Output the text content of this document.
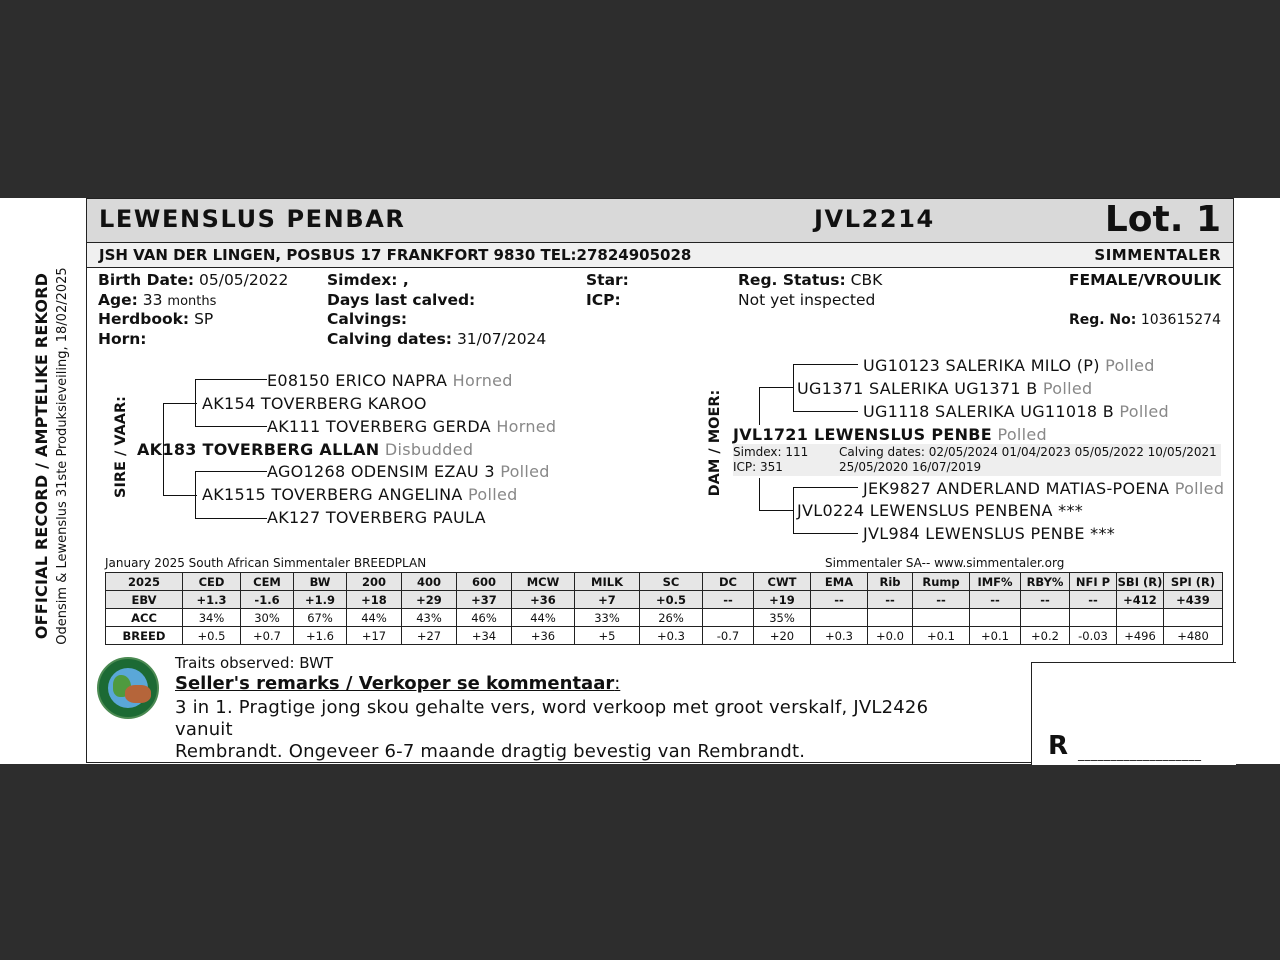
OFFICIAL RECORD / AMPTELIKE REKORD Odensim & Lewenslus 31ste Produksieveiling, 18/02/2025
LEWENSLUS PENBAR	JVL2214	Lot. 1
JSH VAN DER LINGEN, POSBUS 17 FRANKFORT 9830 TEL:27824905028	SIMMENTALER
Birth Date: 05/05/2022
Age: 33 months
Herdbook: SP
Horn:
Simdex: ,
Days last calved:
Calvings:
Calving dates: 31/07/2024
Star:
ICP:
Reg. Status: CBK
Not yet inspected
FEMALE/VROULIK
Reg. No: 103615274
SIRE / VAAR:
E08150 ERICO NAPRA Horned
AK154 TOVERBERG KAROO
AK111 TOVERBERG GERDA Horned
AK183 TOVERBERG ALLAN Disbudded
AGO1268 ODENSIM EZAU 3 Polled
AK1515 TOVERBERG ANGELINA Polled
AK127 TOVERBERG PAULA
DAM / MOER:
UG10123 SALERIKA MILO (P) Polled
UG1371 SALERIKA UG1371 B Polled
UG1118 SALERIKA UG11018 B Polled
JVL1721 LEWENSLUS PENBE Polled
Simdex: 111
ICP: 351
Calving dates: 02/05/2024 01/04/2023 05/05/2022 10/05/2021
25/05/2020 16/07/2019
JEK9827 ANDERLAND MATIAS-POENA Polled
JVL0224 LEWENSLUS PENBENA ***
JVL984 LEWENSLUS PENBE ***
January 2025 South African Simmentaler BREEDPLAN	Simmentaler SA-- www.simmentaler.org
2025	CED	CEM	BW	200	400	600	MCW	MILK	SC	DC	CWT	EMA	Rib	Rump	IMF%	RBY%	NFI P	SBI (R)	SPI (R)
EBV	+1.3	-1.6	+1.9	+18	+29	+37	+36	+7	+0.5	--	+19	--	--	--	--	--	--	+412	+439
ACC	34%	30%	67%	44%	43%	46%	44%	33%	26%		35%								
BREED	+0.5	+0.7	+1.6	+17	+27	+34	+36	+5	+0.3	-0.7	+20	+0.3	+0.0	+0.1	+0.1	+0.2	-0.03	+496	+480
Traits observed: BWT
Seller's remarks / Verkoper se kommentaar:
3 in 1. Pragtige jong skou gehalte vers, word verkoop met groot verskalf, JVL2426 vanuit
Rembrandt. Ongeveer 6-7 maande dragtig bevestig van Rembrandt.	R ___________________
